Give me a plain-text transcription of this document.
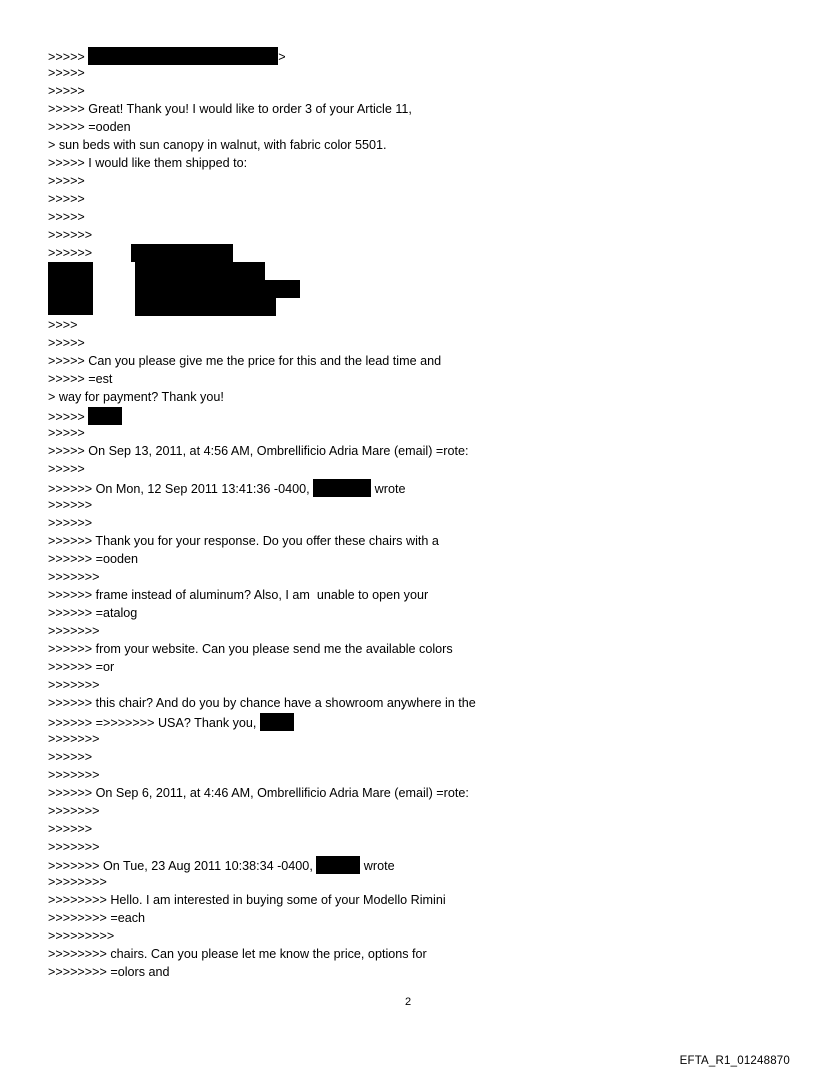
>>>>>	>
>>>>>
>>>>>
>>>>> Great! Thank you! I would like to order 3 of your Article 11,
>>>>> =ooden
> sun beds with sun canopy in walnut, with fabric color 5501.
>>>>> I would like them shipped to:
>>>>>
>>>>>
>>>>>
>>>>>>
>>>>>>
>>>>
>>>>>
>>>>> Can you please give me the price for this and the lead time and
>>>>> =est
> way for payment? Thank you!
>>>>>
>>>>>
>>>>> On Sep 13, 2011, at 4:56 AM, Ombrellificio Adria Mare (email) =rote:
>>>>>
>>>>>> On Mon, 12 Sep 2011 13:41:36 -0400,	wrote
>>>>>>
>>>>>>
>>>>>> Thank you for your response. Do you offer these chairs with a
>>>>>> =ooden
>>>>>>>
>>>>>> frame instead of aluminum? Also, I am  unable to open your
>>>>>> =atalog
>>>>>>>
>>>>>> from your website. Can you please send me the available colors
>>>>>> =or
>>>>>>>
>>>>>> this chair? And do you by chance have a showroom anywhere in the
>>>>>> =>>>>>>> USA? Thank you,
>>>>>>>
>>>>>>
>>>>>>>
>>>>>> On Sep 6, 2011, at 4:46 AM, Ombrellificio Adria Mare (email) =rote:
>>>>>>>
>>>>>>
>>>>>>>
>>>>>>> On Tue, 23 Aug 2011 10:38:34 -0400,	wrote
>>>>>>>>
>>>>>>>> Hello. I am interested in buying some of your Modello Rimini
>>>>>>>> =each
>>>>>>>>>
>>>>>>>> chairs. Can you please let me know the price, options for
>>>>>>>> =olors and
2
EFTA_R1_01248870
